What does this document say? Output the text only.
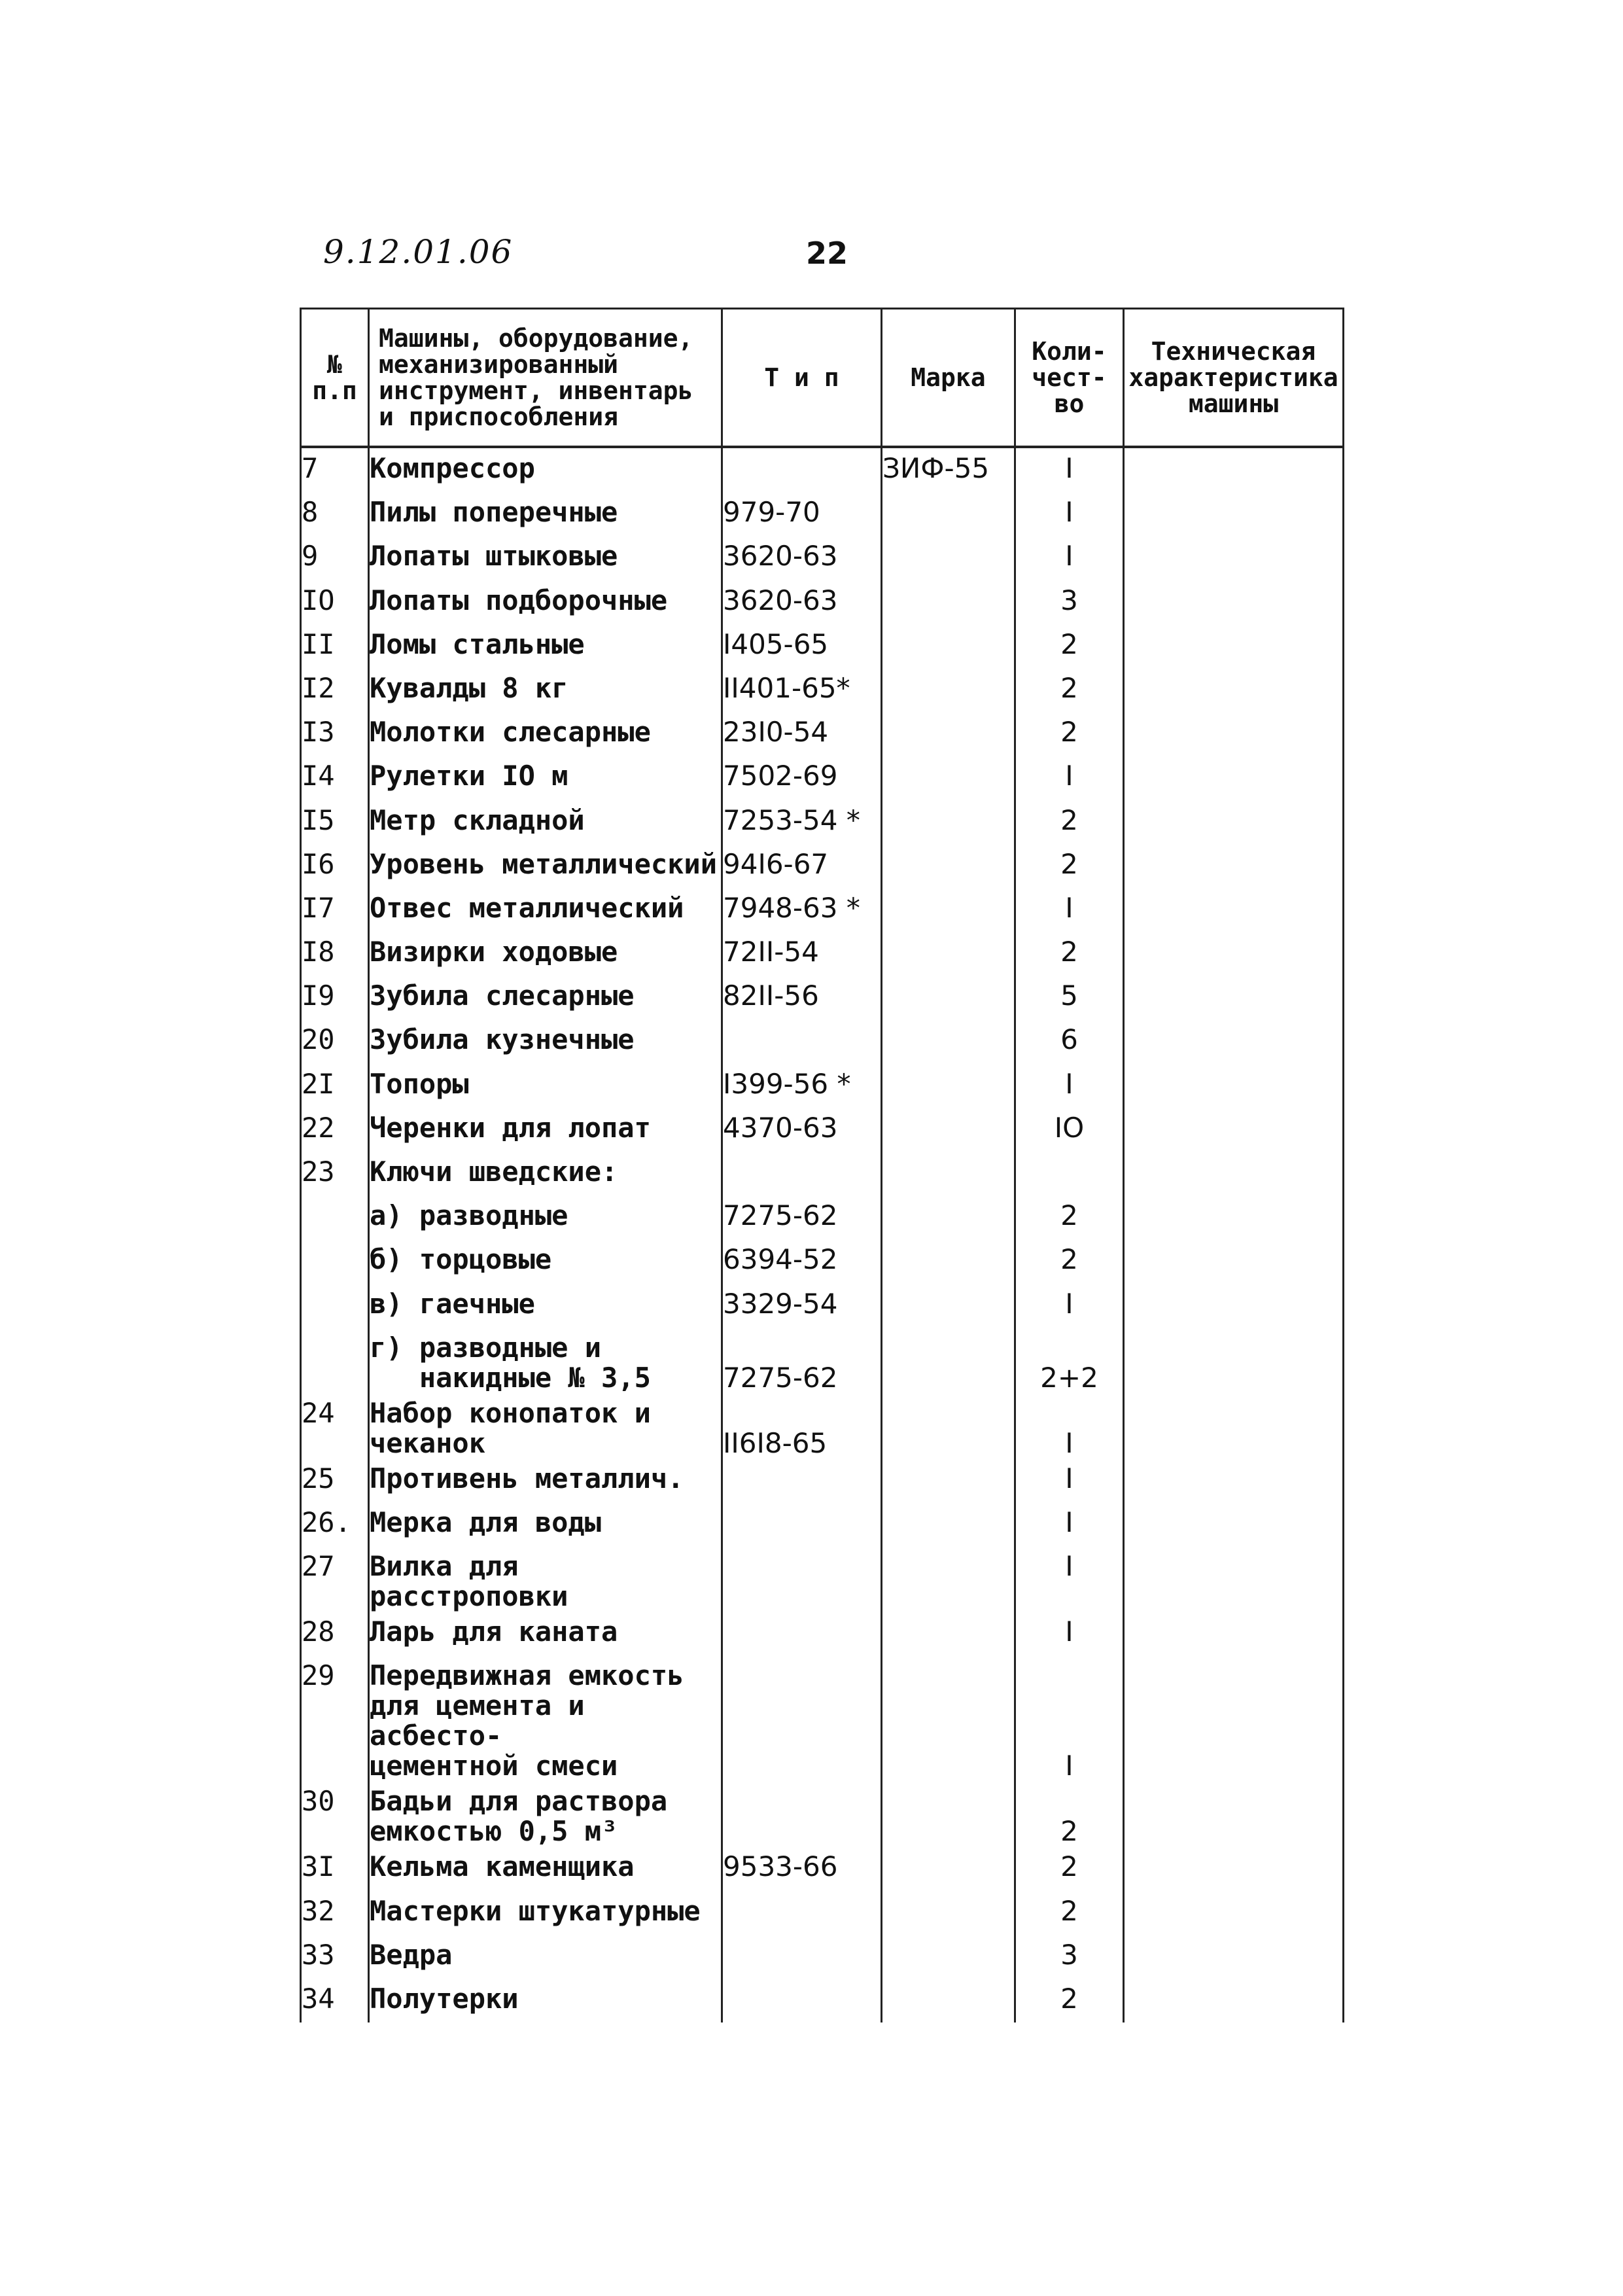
9.12.01.06	22
№
п.п	Машины, оборудование, механизированный инструмент, инвентарь и приспособления	Т и п	Марка	Коли-
чест-
во	Техническая характеристика машины
7	Компрессор		ЗИФ-55	I	
8	Пилы поперечные	979-70		I	
9	Лопаты штыковые	3620-63		I	
IO	Лопаты подборочные	3620-63		3	
II	Ломы стальные	I405-65		2	
I2	Кувалды 8 кг	II401-65*		2	
I3	Молотки слесарные	23I0-54		2	
I4	Рулетки IO м	7502-69		I	
I5	Метр складной	7253-54 *		2	
I6	Уровень металлический	94I6-67		2	
I7	Отвес металлический	7948-63 *		I	
I8	Визирки ходовые	72II-54		2	
I9	Зубила слесарные	82II-56		5	
20	Зубила кузнечные			6	
2I	Топоры	I399-56 *		I	
22	Черенки для лопат	4370-63		IO	
23	Ключи шведские:				
	а) разводные	7275-62		2	
	б) торцовые	6394-52		2	
	в) гаечные	3329-54		I	
	г) разводные и
накидные № 3,5	7275-62		2+2	
24	Набор конопаток и
чеканок	II6I8-65		I	
25	Противень металлич.			I	
26.	Мерка для воды			I	
27	Вилка для расстроповки			I	
28	Ларь для каната			I	
29	Передвижная емкость
для цемента и асбесто-
цементной смеси			I	
30	Бадьи для раствора
емкостью 0,5 м³			2	
3I	Кельма каменщика	9533-66		2	
32	Мастерки штукатурные			2	
33	Ведра			3	
34	Полутерки			2	
